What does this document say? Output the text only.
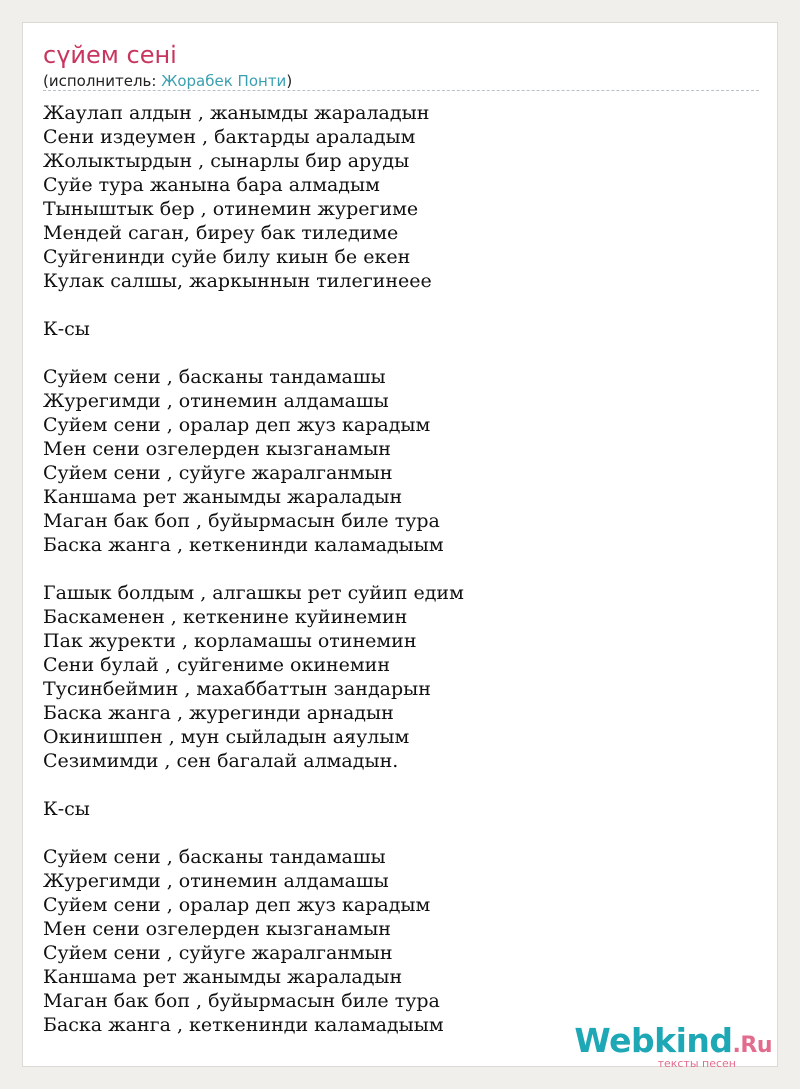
сүйем сені
(исполнитель: Жорабек Понти)
Жаулап алдын , жанымды жараладын
Сени издеумен , бактарды араладым
Жолыктырдын , сынарлы бир аруды
Суйе тура жанына бара алмадым
Тыныштык бер , отинемин журегиме
Мендей саган, биреу бак тиледиме
Суйгенинди суйе билу киын бе екен
Кулак салшы, жаркыннын тилегинеее
К-сы
Суйем сени , басканы тандамашы
Журегимди , отинемин алдамашы
Суйем сени , оралар деп жуз карадым
Мен сени озгелерден кызганамын
Суйем сени , суйуге жаралганмын
Каншама рет жанымды жараладын
Маган бак боп , буйырмасын биле тура
Баска жанга , кеткенинди каламадыым
Гашык болдым , алгашкы рет суйип едим
Баскаменен , кеткенине куйинемин
Пак журекти , корламашы отинемин
Сени булай , суйгениме окинемин
Тусинбеймин , махаббаттын зандарын
Баска жанга , журегинди арнадын
Окинишпен , мун сыйладын аяулым
Сезимимди , сен багалай алмадын.
К-сы
Суйем сени , басканы тандамашы
Журегимди , отинемин алдамашы
Суйем сени , оралар деп жуз карадым
Мен сени озгелерден кызганамын
Суйем сени , суйуге жаралганмын
Каншама рет жанымды жараладын
Маган бак боп , буйырмасын биле тура
Баска жанга , кеткенинди каламадыым	Webkind.Ru
тексты песен
